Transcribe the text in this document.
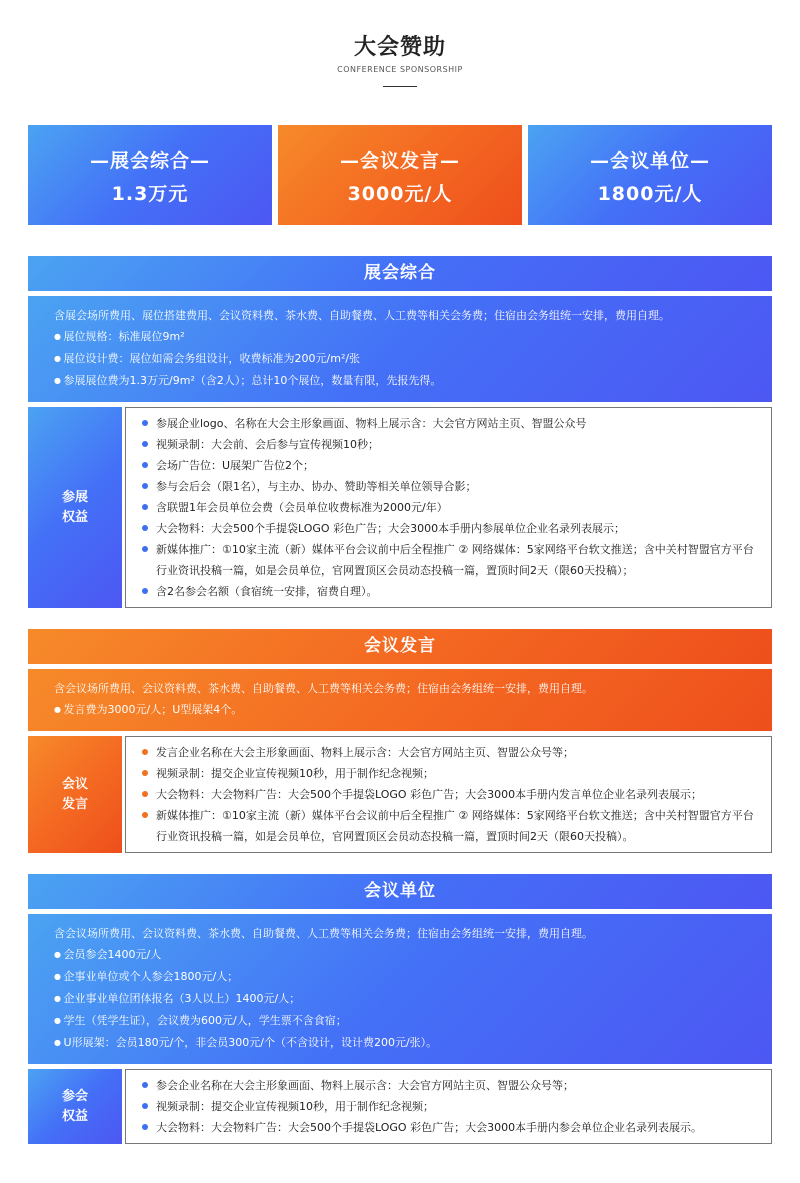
大会赞助
CONFERENCE SPONSORSHIP
—展会综合—
1.3万元
—会议发言—
3000元/人
—会议单位—
1800元/人
展会综合
含展会场所费用、展位搭建费用、会议资料费、茶水费、自助餐费、人工费等相关会务费；住宿由会务组统一安排，费用自理。
● 展位规格：标准展位9m²
● 展位设计费：展位如需会务组设计，收费标准为200元/m²/张
● 参展展位费为1.3万元/9m²（含2人）；总计10个展位，数量有限，先报先得。
参展
权益
参展企业logo、名称在大会主形象画面、物料上展示含：大会官方网站主页、智盟公众号
视频录制：大会前、会后参与宣传视频10秒；
会场广告位：U展架广告位2个；
参与会后会（限1名），与主办、协办、赞助等相关单位领导合影；
含联盟1年会员单位会费（会员单位收费标准为2000元/年）
大会物料：大会500个手提袋LOGO 彩色广告；大会3000本手册内参展单位企业名录列表展示；
新媒体推广：①10家主流（新）媒体平台会议前中后全程推广 ② 网络媒体：5家网络平台软文推送；含中关村智盟官方平台行业资讯投稿一篇，如是会员单位，官网置顶区会员动态投稿一篇，置顶时间2天（限60天投稿）；
含2名参会名额（食宿统一安排，宿费自理）。
会议发言
含会议场所费用、会议资料费、茶水费、自助餐费、人工费等相关会务费；住宿由会务组统一安排，费用自理。
● 发言费为3000元/人；U型展架4个。
会议
发言
发言企业名称在大会主形象画面、物料上展示含：大会官方网站主页、智盟公众号等；
视频录制：提交企业宣传视频10秒，用于制作纪念视频；
大会物料：大会物料广告：大会500个手提袋LOGO 彩色广告；大会3000本手册内发言单位企业名录列表展示；
新媒体推广：①10家主流（新）媒体平台会议前中后全程推广 ② 网络媒体：5家网络平台软文推送；含中关村智盟官方平台行业资讯投稿一篇，如是会员单位，官网置顶区会员动态投稿一篇，置顶时间2天（限60天投稿）。
会议单位
含会议场所费用、会议资料费、茶水费、自助餐费、人工费等相关会务费；住宿由会务组统一安排，费用自理。
● 会员参会1400元/人
● 企事业单位或个人参会1800元/人；
● 企业事业单位团体报名（3人以上）1400元/人；
● 学生（凭学生证），会议费为600元/人，学生票不含食宿；
● U形展架：会员180元/个，非会员300元/个（不含设计，设计费200元/张）。
参会
权益
参会企业名称在大会主形象画面、物料上展示含：大会官方网站主页、智盟公众号等；
视频录制：提交企业宣传视频10秒，用于制作纪念视频；
大会物料：大会物料广告：大会500个手提袋LOGO 彩色广告；大会3000本手册内参会单位企业名录列表展示。
